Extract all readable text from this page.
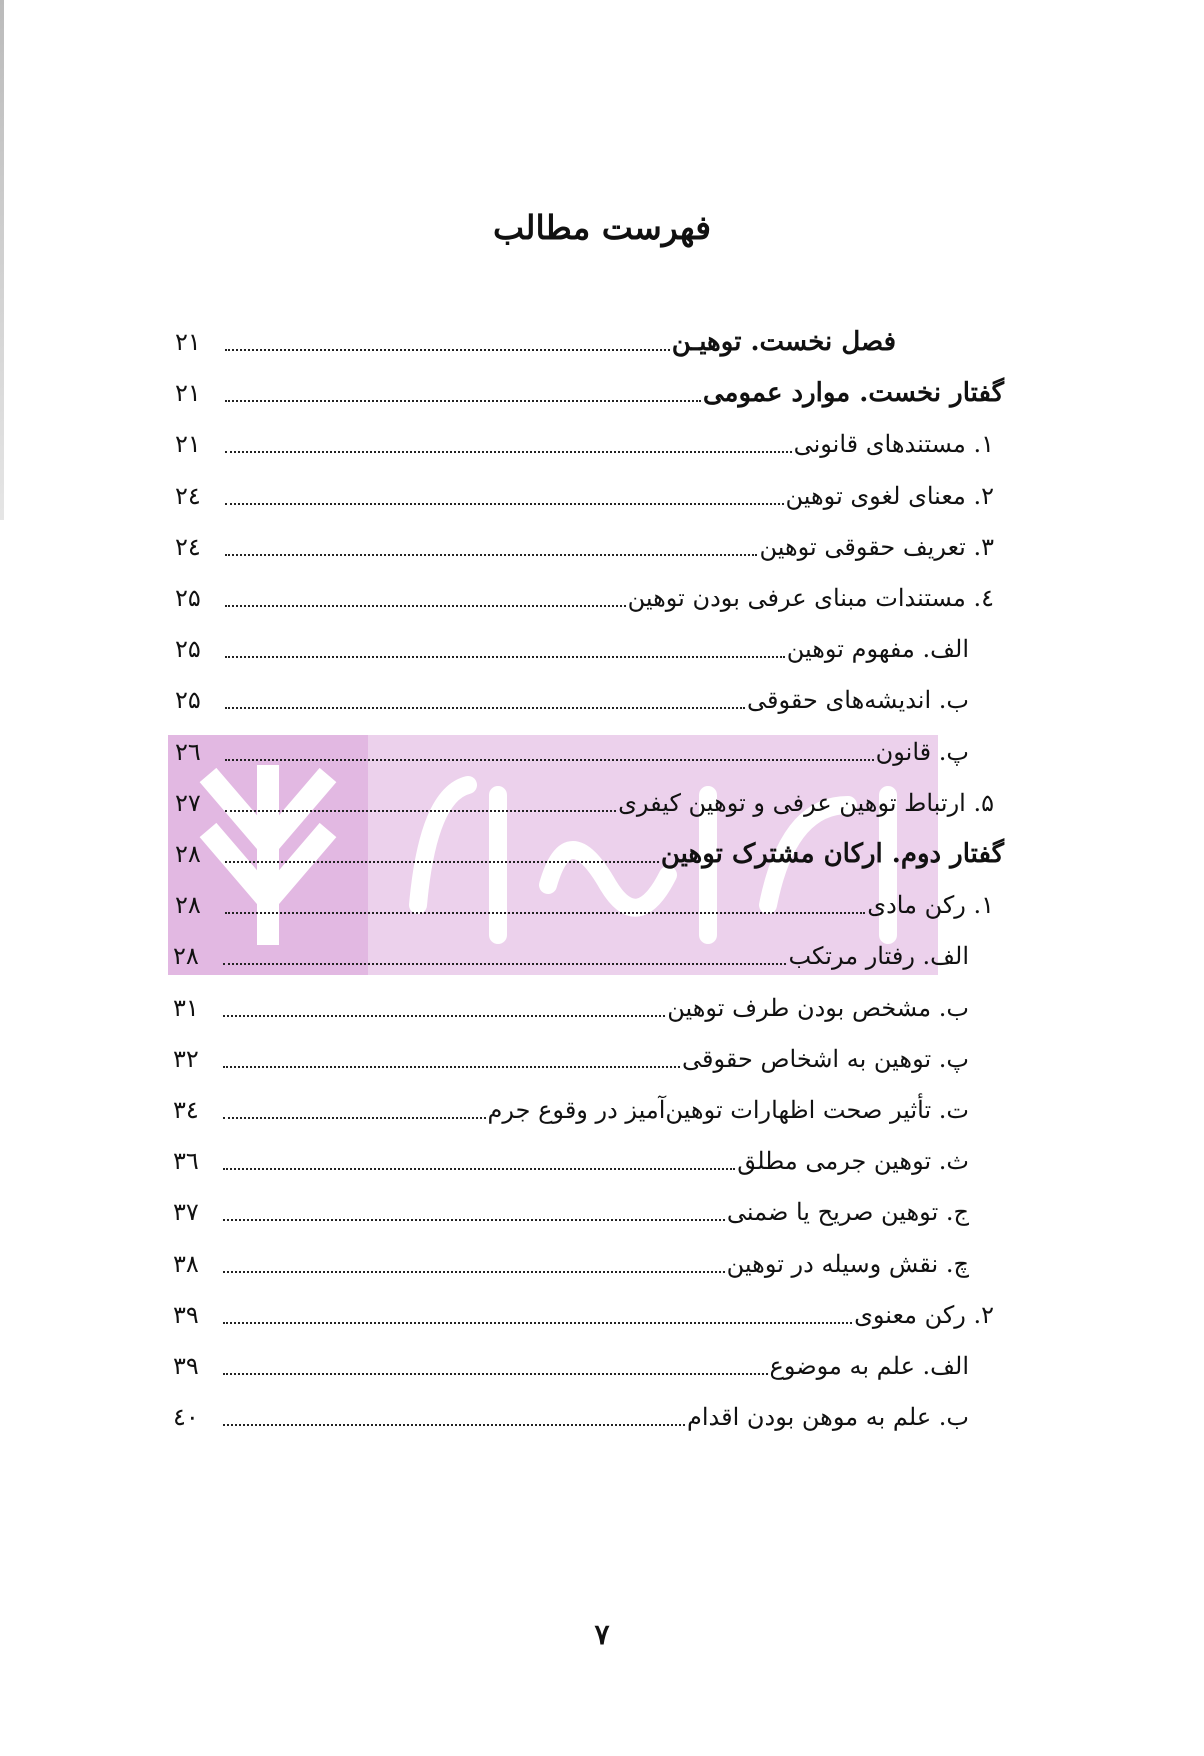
فهرست مطالب
فصل نخست. توهیـن
۲۱
گفتار نخست. موارد عمومی
۲۱
۱. مستندهای قانونی
۲۱
۲. معنای لغوی توهین
۲٤
۳. تعریف حقوقی توهین
۲٤
٤. مستندات مبنای عرفی بودن توهین
۲۵
الف. مفهوم توهین
۲۵
ب. اندیشه‌های حقوقی
۲۵
پ. قانون
۲٦
۵. ارتباط توهین عرفی و توهین کیفری
۲۷
گفتار دوم. ارکان مشترک توهین
۲۸
۱. رکن مادی
۲۸
الف. رفتار مرتکب
۲۸
ب. مشخص بودن طرف توهین
۳۱
پ. توهین به اشخاص حقوقی
۳۲
ت. تأثیر صحت اظهارات توهین‌آمیز در وقوع جرم
۳٤
ث. توهین جرمی مطلق
۳٦
ج. توهین صریح یا ضمنی
۳۷
چ. نقش وسیله در توهین
۳۸
۲. رکن معنوی
۳۹
الف. علم به موضوع
۳۹
ب. علم به موهن بودن اقدام
٤۰
۷
